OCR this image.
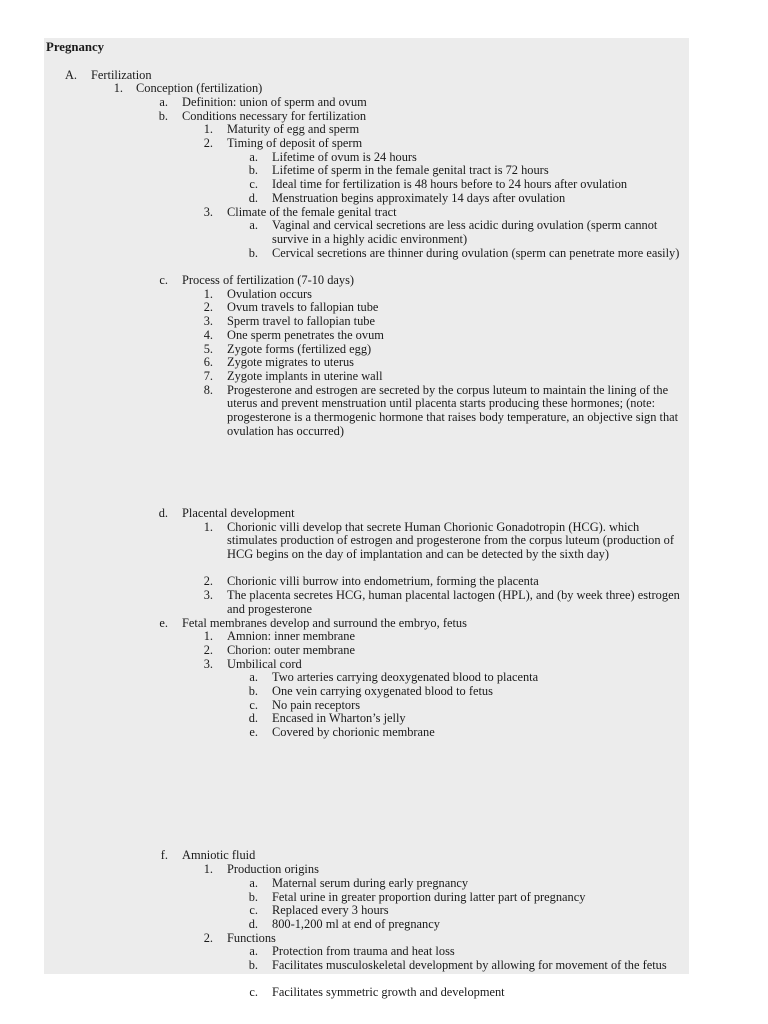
Pregnancy
A. Fertilization
1. Conception (fertilization)
a. Definition: union of sperm and ovum
b. Conditions necessary for fertilization
1. Maturity of egg and sperm
2. Timing of deposit of sperm
a. Lifetime of ovum is 24 hours
b. Lifetime of sperm in the female genital tract is 72 hours
c. Ideal time for fertilization is 48 hours before to 24 hours after ovulation
d. Menstruation begins approximately 14 days after ovulation
3. Climate of the female genital tract
a. Vaginal and cervical secretions are less acidic during ovulation (sperm cannot survive in a highly acidic environment)
b. Cervical secretions are thinner during ovulation (sperm can penetrate more easily)
c. Process of fertilization (7-10 days)
1. Ovulation occurs
2. Ovum travels to fallopian tube
3. Sperm travel to fallopian tube
4. One sperm penetrates the ovum
5. Zygote forms (fertilized egg)
6. Zygote migrates to uterus
7. Zygote implants in uterine wall
8. Progesterone and estrogen are secreted by the corpus luteum to maintain the lining of the uterus and prevent menstruation until placenta starts producing these hormones; (note: progesterone is a thermogenic hormone that raises body temperature, an objective sign that ovulation has occurred)
d. Placental development
1. Chorionic villi develop that secrete Human Chorionic Gonadotropin (HCG). which stimulates production of estrogen and progesterone from the corpus luteum (production of HCG begins on the day of implantation and can be detected by the sixth day)
2. Chorionic villi burrow into endometrium, forming the placenta
3. The placenta secretes HCG, human placental lactogen (HPL), and (by week three) estrogen and progesterone
e. Fetal membranes develop and surround the embryo, fetus
1. Amnion: inner membrane
2. Chorion: outer membrane
3. Umbilical cord
a. Two arteries carrying deoxygenated blood to placenta
b. One vein carrying oxygenated blood to fetus
c. No pain receptors
d. Encased in Wharton’s jelly
e. Covered by chorionic membrane
f. Amniotic fluid
1. Production origins
a. Maternal serum during early pregnancy
b. Fetal urine in greater proportion during latter part of pregnancy
c. Replaced every 3 hours
d. 800-1,200 ml at end of pregnancy
2. Functions
a. Protection from trauma and heat loss
b. Facilitates musculoskeletal development by allowing for movement of the fetus
c. Facilitates symmetric growth and development
